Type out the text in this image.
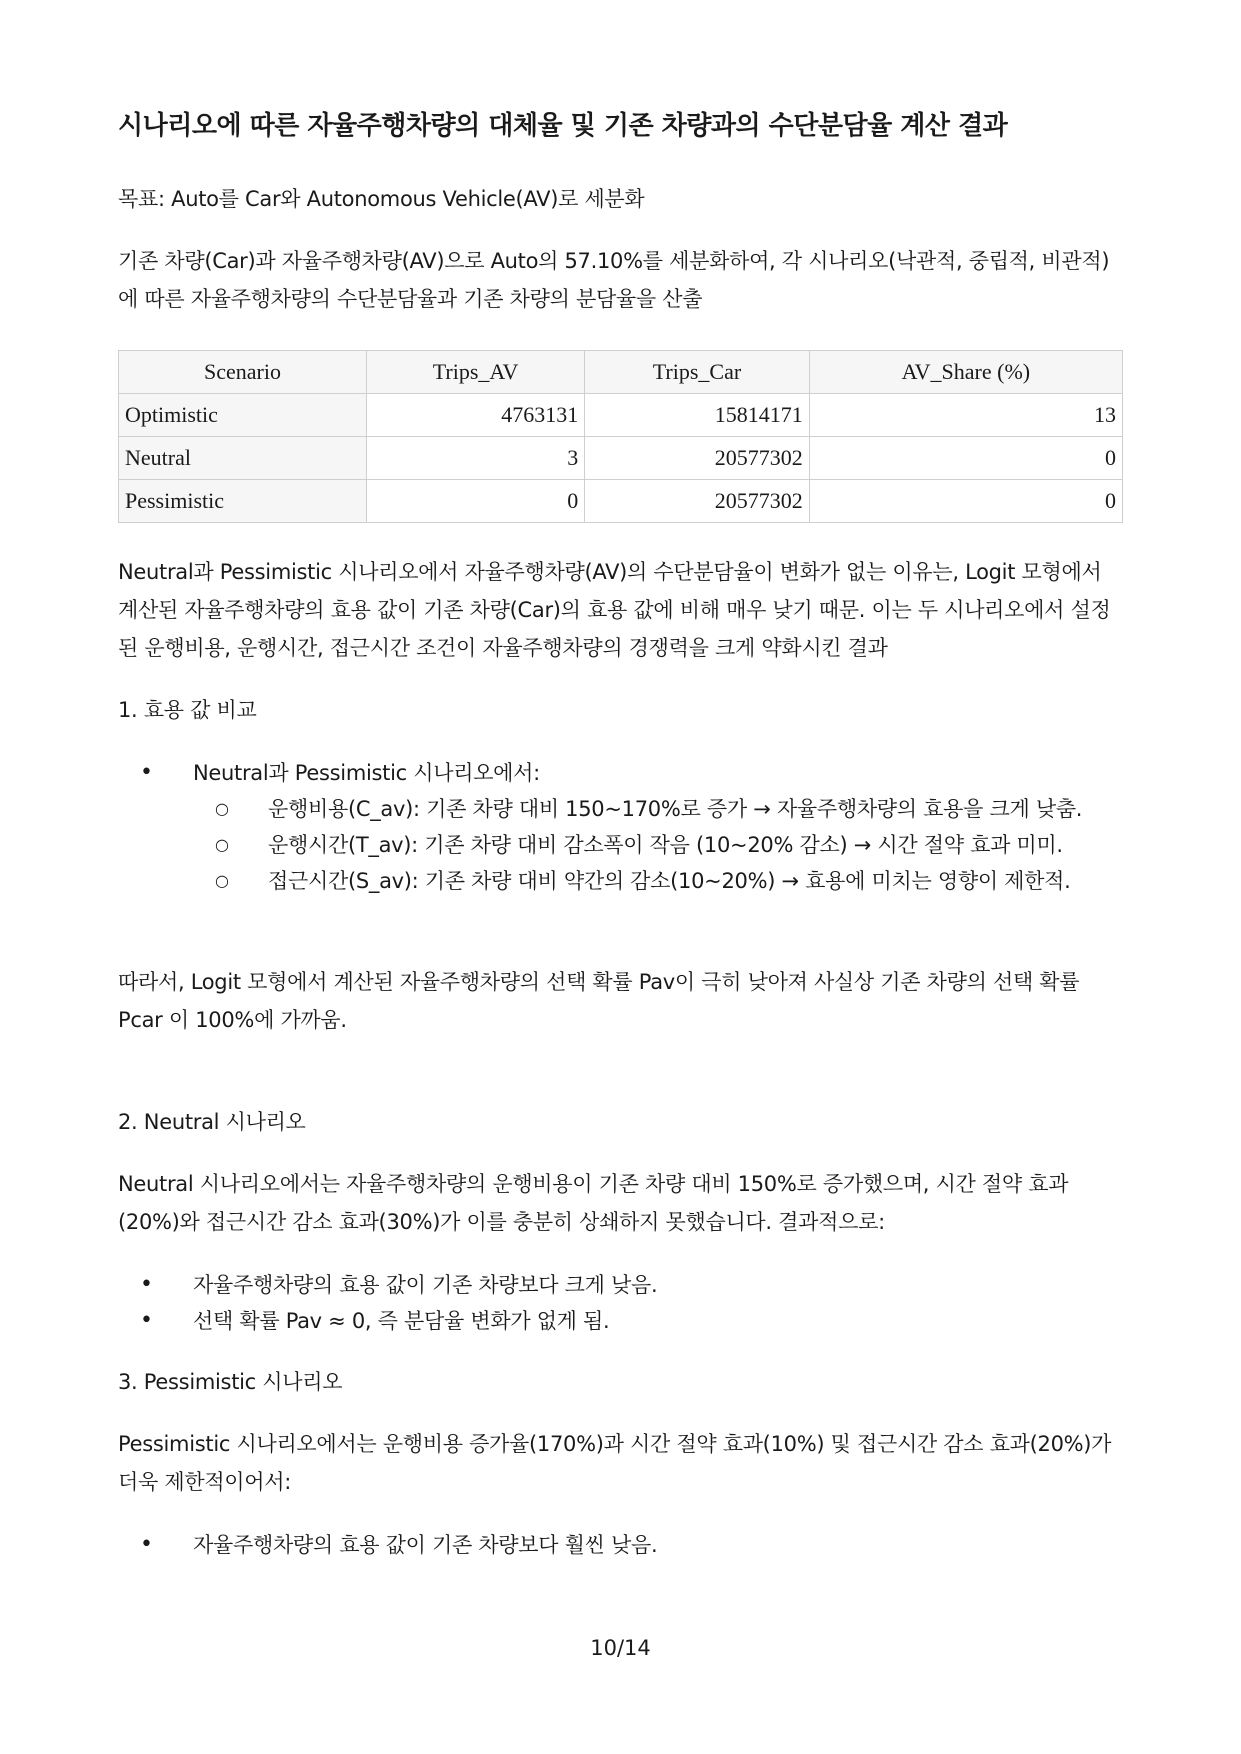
시나리오에 따른 자율주행차량의 대체율 및 기존 차량과의 수단분담율 계산 결과

목표: Auto를 Car와 Autonomous Vehicle(AV)로 세분화

기존 차량(Car)과 자율주행차량(AV)으로 Auto의 57.10%를 세분화하여, 각 시나리오(낙관적, 중립적, 비관적)에 따른 자율주행차량의 수단분담율과 기존 차량의 분담율을 산출

Scenario	Trips_AV	Trips_Car	AV_Share (%)
Optimistic	4763131	15814171	13
Neutral	3	20577302	0
Pessimistic	0	20577302	0

Neutral과 Pessimistic 시나리오에서 자율주행차량(AV)의 수단분담율이 변화가 없는 이유는, Logit 모형에서 계산된 자율주행차량의 효용 값이 기존 차량(Car)의 효용 값에 비해 매우 낮기 때문. 이는 두 시나리오에서 설정된 운행비용, 운행시간, 접근시간 조건이 자율주행차량의 경쟁력을 크게 약화시킨 결과

1. 효용 값 비교

• Neutral과 Pessimistic 시나리오에서:
○ 운행비용(C_av): 기존 차량 대비 150~170%로 증가 → 자율주행차량의 효용을 크게 낮춤.
○ 운행시간(T_av): 기존 차량 대비 감소폭이 작음 (10~20% 감소) → 시간 절약 효과 미미.
○ 접근시간(S_av): 기존 차량 대비 약간의 감소(10~20%) → 효용에 미치는 영향이 제한적.

따라서, Logit 모형에서 계산된 자율주행차량의 선택 확률 Pav이 극히 낮아져 사실상 기존 차량의 선택 확률 Pcar 이 100%에 가까움.

2. Neutral 시나리오

Neutral 시나리오에서는 자율주행차량의 운행비용이 기존 차량 대비 150%로 증가했으며, 시간 절약 효과(20%)와 접근시간 감소 효과(30%)가 이를 충분히 상쇄하지 못했습니다. 결과적으로:

• 자율주행차량의 효용 값이 기존 차량보다 크게 낮음.
• 선택 확률 Pav ≈ 0, 즉 분담율 변화가 없게 됨.

3. Pessimistic 시나리오

Pessimistic 시나리오에서는 운행비용 증가율(170%)과 시간 절약 효과(10%) 및 접근시간 감소 효과(20%)가 더욱 제한적이어서:

• 자율주행차량의 효용 값이 기존 차량보다 훨씬 낮음.
10/14
